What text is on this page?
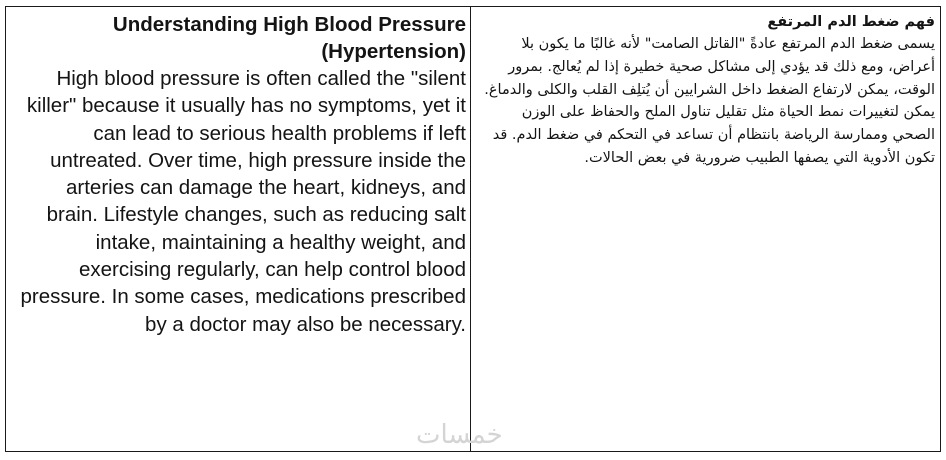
Understanding High Blood Pressure (Hypertension)

High blood pressure is often called the "silent killer" because it usually has no symptoms, yet it can lead to serious health problems if left untreated. Over time, high pressure inside the arteries can damage the heart, kidneys, and brain. Lifestyle changes, such as reducing salt intake, maintaining a healthy weight, and exercising regularly, can help control blood pressure. In some cases, medications prescribed by a doctor may also be necessary.

فهم ضغط الدم المرتفع

يسمى ضغط الدم المرتفع عادةً "القاتل الصامت" لأنه غالبًا ما يكون بلا أعراض، ومع ذلك قد يؤدي إلى مشاكل صحية خطيرة إذا لم يُعالج. بمرور الوقت، يمكن لارتفاع الضغط داخل الشرايين أن يُتلِف القلب والكلى والدماغ. يمكن لتغييرات نمط الحياة مثل تقليل تناول الملح والحفاظ على الوزن الصحي وممارسة الرياضة بانتظام أن تساعد في التحكم في ضغط الدم. قد تكون الأدوية التي يصفها الطبيب ضرورية في بعض الحالات.

خمسات
